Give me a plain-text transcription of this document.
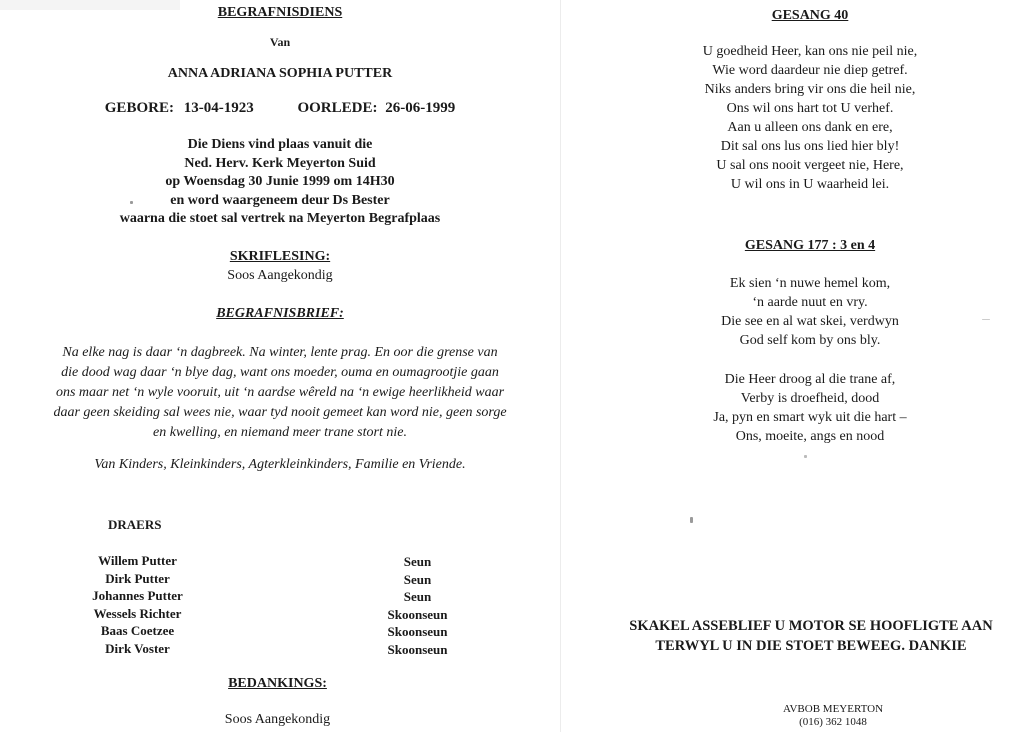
BEGRAFNISDIENS
Van
ANNA ADRIANA SOPHIA PUTTER
GEBORE: 13-04-1923	OORLEDE: 26-06-1999
Die Diens vind plaas vanuit die
Ned. Herv. Kerk Meyerton Suid
op Woensdag 30 Junie 1999 om 14H30
en word waargeneem deur Ds Bester
waarna die stoet sal vertrek na Meyerton Begrafplaas
SKRIFLESING:
Soos Aangekondig
BEGRAFNISBRIEF:
Na elke nag is daar ‘n dagbreek. Na winter, lente prag. En oor die grense van
die dood wag daar ‘n blye dag, want ons moeder, ouma en oumagrootjie gaan
ons maar net ‘n wyle vooruit, uit ‘n aardse wêreld na ‘n ewige heerlikheid waar
daar geen skeiding sal wees nie, waar tyd nooit gemeet kan word nie, geen sorge
en kwelling, en niemand meer trane stort nie.
Van Kinders, Kleinkinders, Agterkleinkinders, Familie en Vriende.
DRAERS
Willem Putter
Dirk Putter
Johannes Putter
Wessels Richter
Baas Coetzee
Dirk Voster
Seun
Seun
Seun
Skoonseun
Skoonseun
Skoonseun
BEDANKINGS:
Soos Aangekondig
GESANG 40
U goedheid Heer, kan ons nie peil nie,
Wie word daardeur nie diep getref.
Niks anders bring vir ons die heil nie,
Ons wil ons hart tot U verhef.
Aan u alleen ons dank en ere,
Dit sal ons lus ons lied hier bly!
U sal ons nooit vergeet nie, Here,
U wil ons in U waarheid lei.
GESANG 177 : 3 en 4
Ek sien ‘n nuwe hemel kom,
‘n aarde nuut en vry.
Die see en al wat skei, verdwyn
God self kom by ons bly.
Die Heer droog al die trane af,
Verby is droefheid, dood
Ja, pyn en smart wyk uit die hart –
Ons, moeite, angs en nood
SKAKEL ASSEBLIEF U MOTOR SE HOOFLIGTE AAN
TERWYL U IN DIE STOET BEWEEG. DANKIE
AVBOB MEYERTON
(016) 362 1048
